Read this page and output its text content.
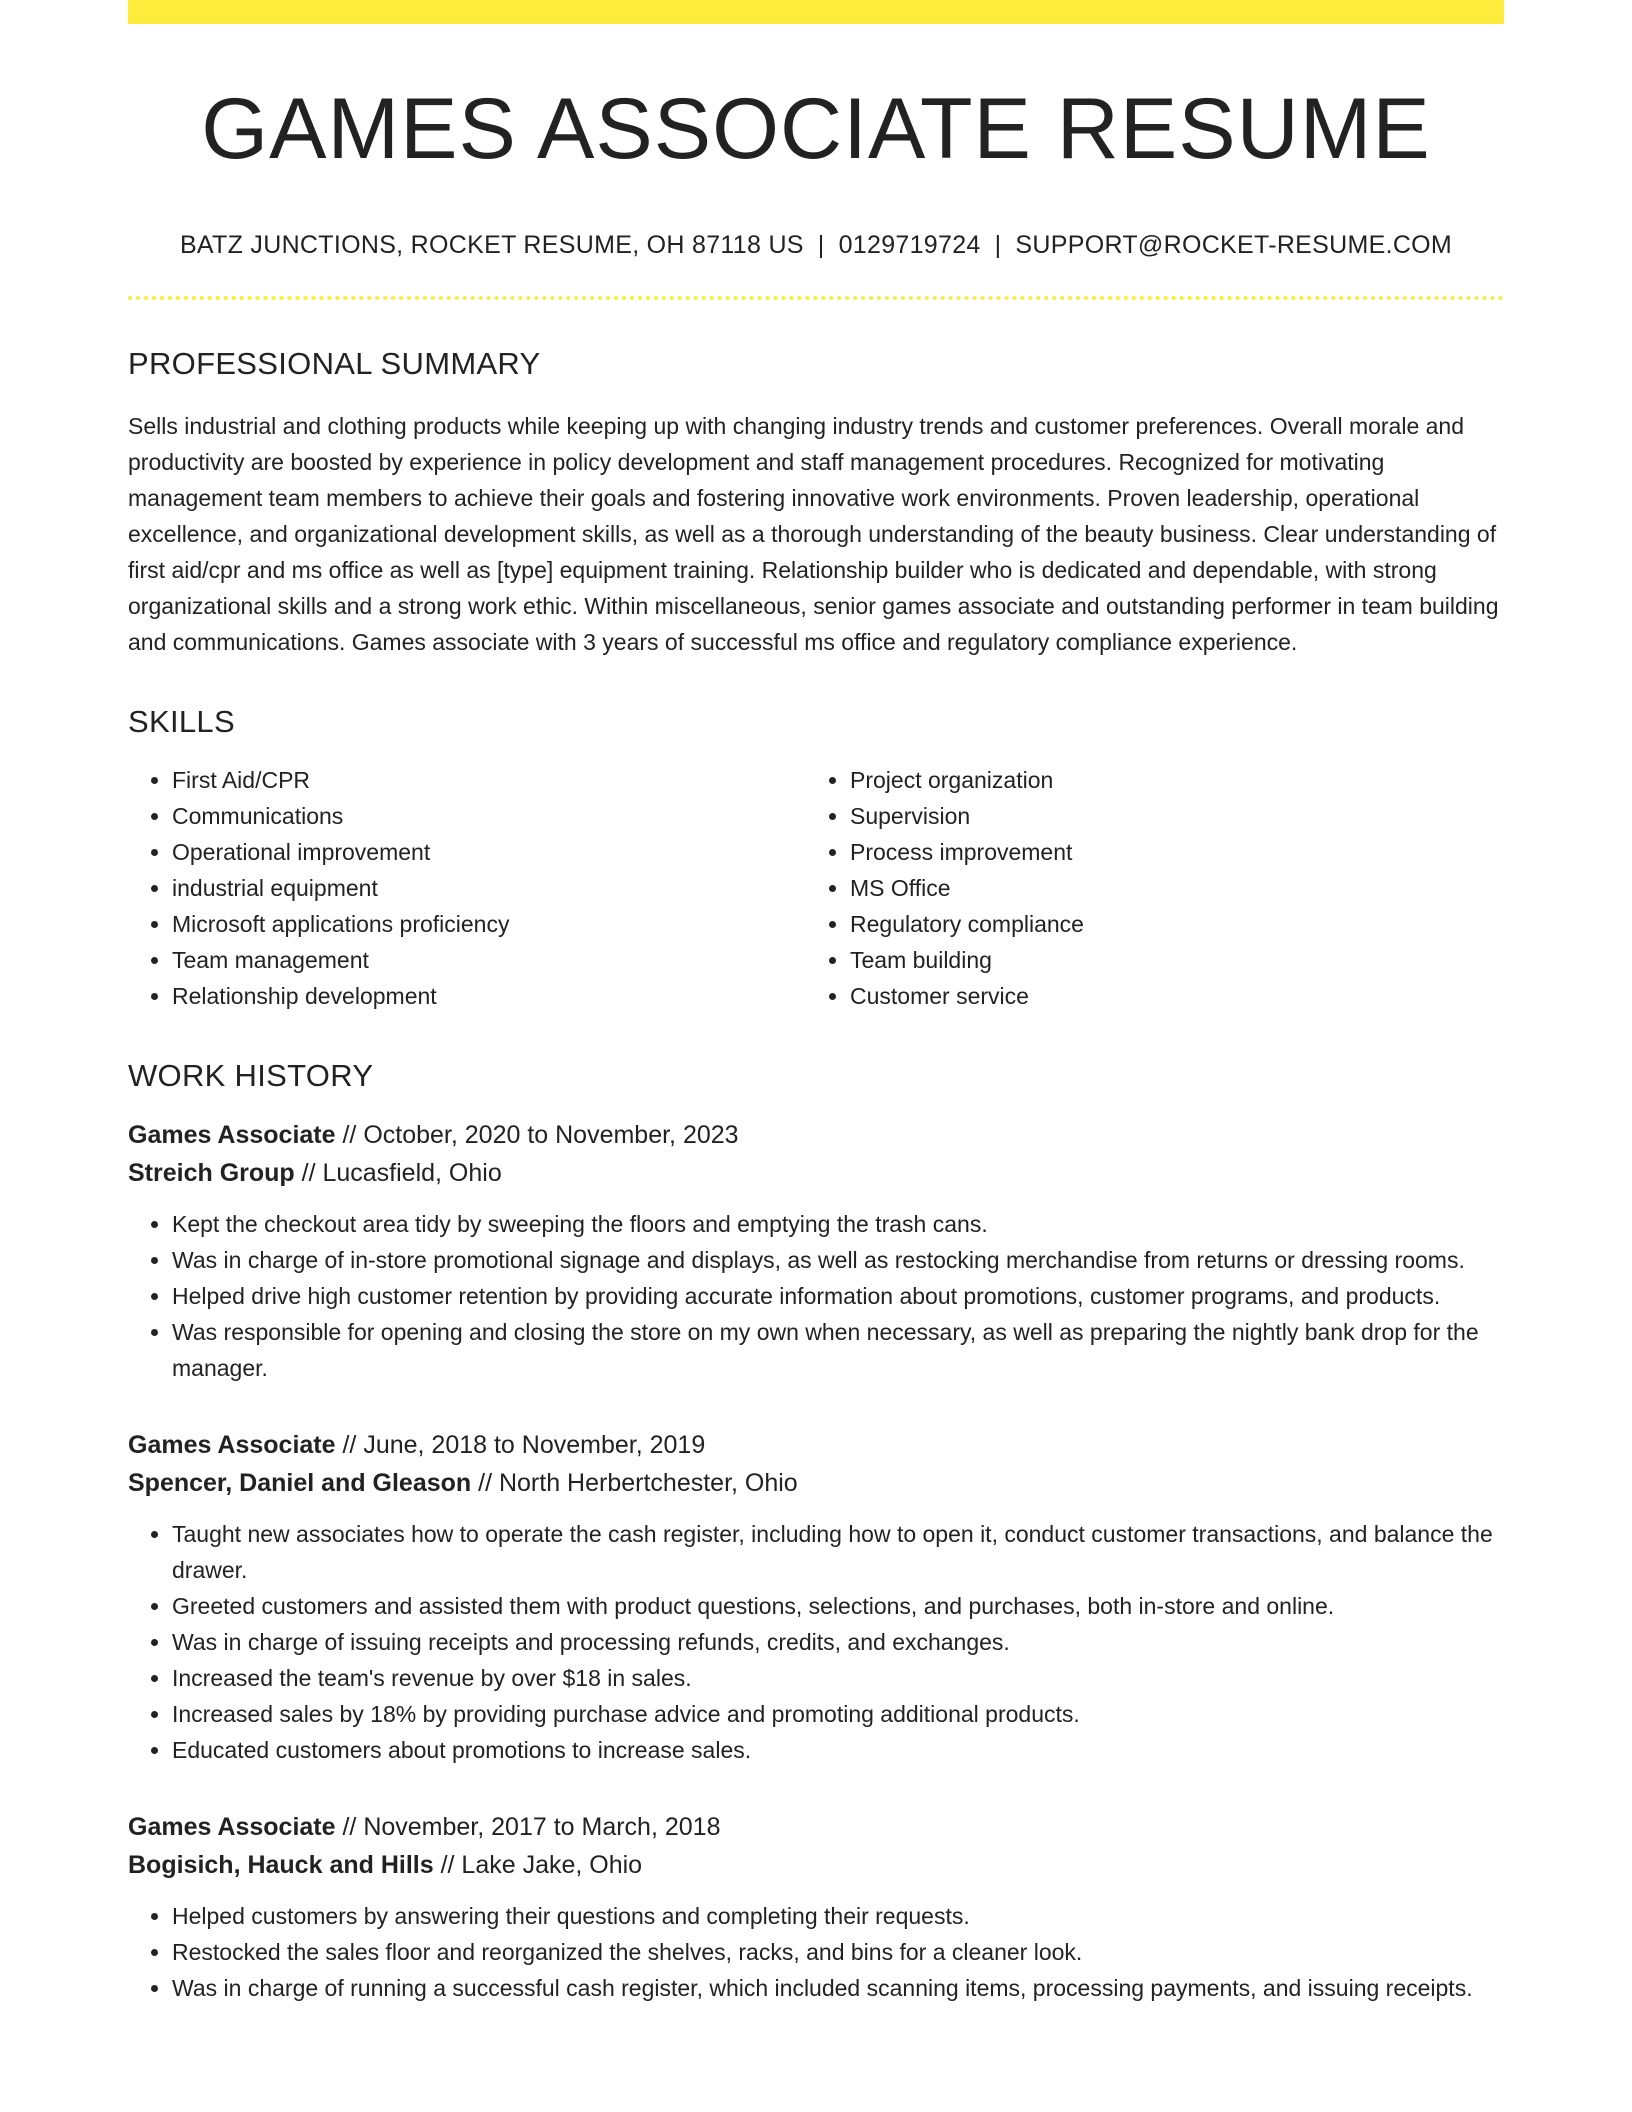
GAMES ASSOCIATE RESUME
BATZ JUNCTIONS, ROCKET RESUME, OH 87118 US | 0129719724 | SUPPORT@ROCKET-RESUME.COM
PROFESSIONAL SUMMARY

Sells industrial and clothing products while keeping up with changing industry trends and customer preferences. Overall morale and productivity are boosted by experience in policy development and staff management procedures. Recognized for motivating management team members to achieve their goals and fostering innovative work environments. Proven leadership, operational excellence, and organizational development skills, as well as a thorough understanding of the beauty business. Clear understanding of first aid/cpr and ms office as well as [type] equipment training. Relationship builder who is dedicated and dependable, with strong organizational skills and a strong work ethic. Within miscellaneous, senior games associate and outstanding performer in team building and communications. Games associate with 3 years of successful ms office and regulatory compliance experience.

SKILLS
• First Aid/CPR
• Communications
• Operational improvement
• industrial equipment
• Microsoft applications proficiency
• Team management
• Relationship development
• Project organization
• Supervision
• Process improvement
• MS Office
• Regulatory compliance
• Team building
• Customer service
WORK HISTORY
Games Associate // October, 2020 to November, 2023
Streich Group // Lucasfield, Ohio
• Kept the checkout area tidy by sweeping the floors and emptying the trash cans.
• Was in charge of in-store promotional signage and displays, as well as restocking merchandise from returns or dressing rooms.
• Helped drive high customer retention by providing accurate information about promotions, customer programs, and products.
• Was responsible for opening and closing the store on my own when necessary, as well as preparing the nightly bank drop for the manager.
Games Associate // June, 2018 to November, 2019
Spencer, Daniel and Gleason // North Herbertchester, Ohio
• Taught new associates how to operate the cash register, including how to open it, conduct customer transactions, and balance the drawer.
• Greeted customers and assisted them with product questions, selections, and purchases, both in-store and online.
• Was in charge of issuing receipts and processing refunds, credits, and exchanges.
• Increased the team's revenue by over $18 in sales.
• Increased sales by 18% by providing purchase advice and promoting additional products.
• Educated customers about promotions to increase sales.
Games Associate // November, 2017 to March, 2018
Bogisich, Hauck and Hills // Lake Jake, Ohio
• Helped customers by answering their questions and completing their requests.
• Restocked the sales floor and reorganized the shelves, racks, and bins for a cleaner look.
• Was in charge of running a successful cash register, which included scanning items, processing payments, and issuing receipts.
